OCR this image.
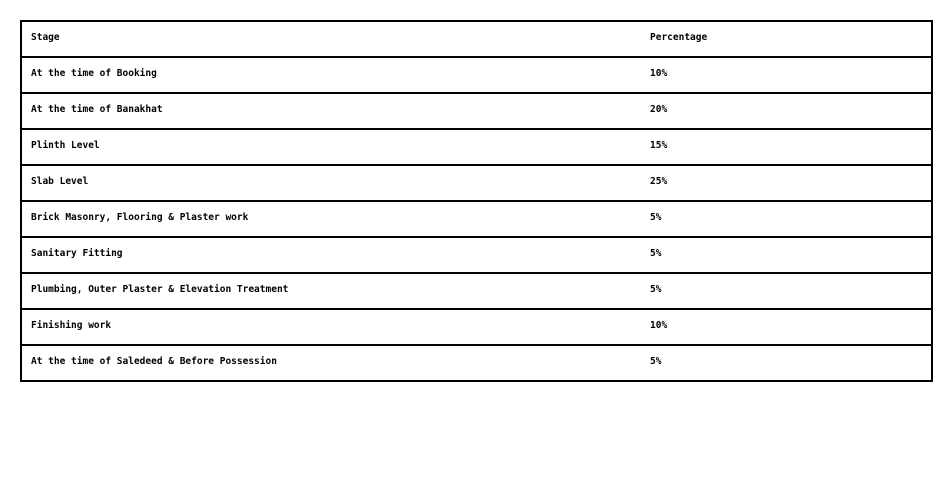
Stage	Percentage

At the time of Booking	10%

At the time of Banakhat	20%

Plinth Level	15%

Slab Level	25%

Brick Masonry, Flooring & Plaster work	5%

Sanitary Fitting	5%

Plumbing, Outer Plaster & Elevation Treatment	5%

Finishing work	10%

At the time of Saledeed & Before Possession	5%
